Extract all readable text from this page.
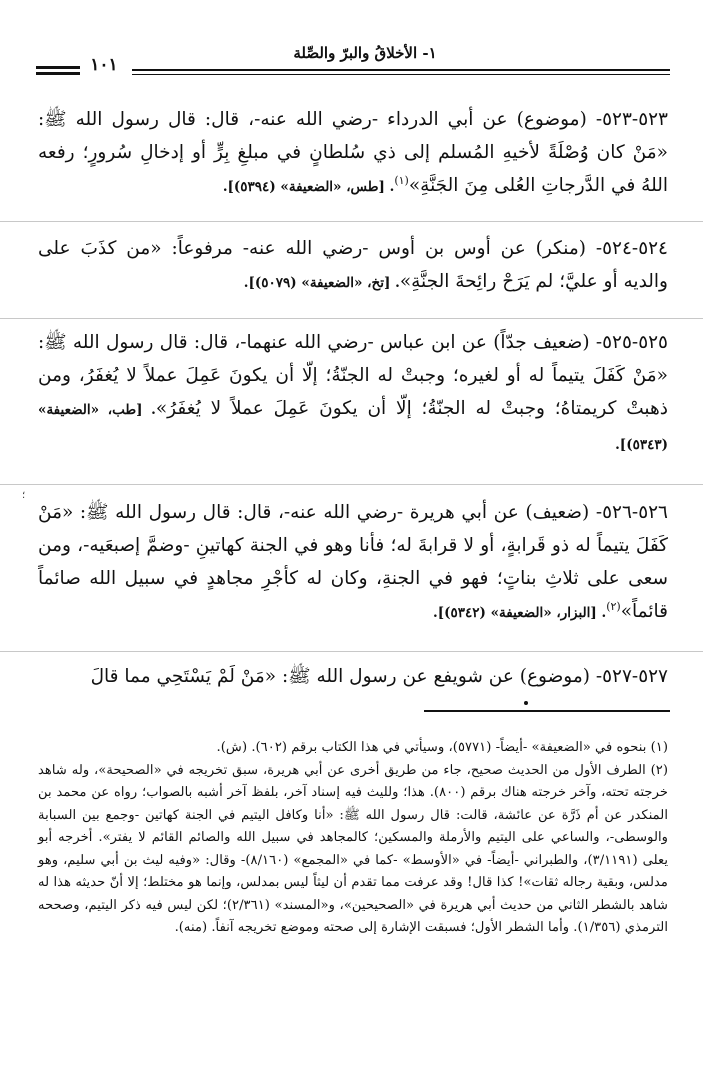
١- الأخلاقُ والبرّ والصِّلة
١٠١
٥٢٣-٥٢٣- (موضوع) عن أبي الدرداء -رضي الله عنه-، قال: قال رسول الله ﷺ: «مَنْ كان وُصْلَةً لأخيهِ المُسلم إلى ذي سُلطانٍ في مبلغِ بِرٍّ أو إدخالِ سُرورٍ؛ رفعه اللهُ في الدَّرجاتِ العُلى مِنَ الجَنَّةِ»$^{(١)}$. [طس، «الضعيفة» (٥٣٩٤)].
٥٢٤-٥٢٤- (منكر) عن أوس بن أوس -رضي الله عنه- مرفوعاً: «من كذَبَ على والديه أو عليَّ؛ لم يَرَحْ رائِحةَ الجنَّةِ». [تخ، «الضعيفة» (٥٠٧٩)].
٥٢٥-٥٢٥- (ضعيف جدّاً) عن ابن عباس -رضي الله عنهما-، قال: قال رسول الله ﷺ: «مَنْ كَفَلَ يتيماً له أو لغيره؛ وجبتْ له الجنّةُ؛ إلّا أن يكونَ عَمِلَ عملاً لا يُغفَرُ، ومن ذهبتْ كريمتاهُ؛ وجبتْ له الجنّةُ؛ إلّا أن يكونَ عَمِلَ عملاً لا يُغفَرُ». [طب، «الضعيفة» (٥٣٤٣)].
؛
٥٢٦-٥٢٦- (ضعيف) عن أبي هريرة -رضي الله عنه-، قال: قال رسول الله ﷺ: «مَنْ كَفَلَ يتيماً له ذو قَرابةٍ، أو لا قرابةَ له؛ فأنا وهو في الجنة كهاتينِ -وضمَّ إصبعَيه-، ومن سعى على ثلاثِ بناتٍ؛ فهو في الجنةِ، وكان له كأجْرِ مجاهدٍ في سبيل الله صائماً قائماً»$^{(٢)}$. [البزار، «الضعيفة» (٥٣٤٢)].
٥٢٧-٥٢٧- (موضوع) عن شويفع عن رسول الله ﷺ: «مَنْ لَمْ يَسْتَحِي مما قالَ

(١) بنحوه في «الضعيفة» -أيضاً- (٥٧٧١)، وسيأتي في هذا الكتاب برقم (٦٠٢). (ش).

(٢) الطرف الأول من الحديث صحيح، جاء من طريق أخرى عن أبي هريرة، سبق تخريجه في «الصحيحة»، وله شاهد خرجته تحته، وآخر خرجته هناك برقم (٨٠٠). هذا؛ ولليث فيه إسناد آخر، بلفظ آخر أشبه بالصواب؛ رواه عن محمد بن المنكدر عن أم ذَرَّة عن عائشة، قالت: قال رسول الله ﷺ: «أنا وكافل اليتيم في الجنة كهاتين -وجمع بين السبابة والوسطى-، والساعي على اليتيم والأرملة والمسكين؛ كالمجاهد في سبيل الله والصائم القائم لا يفتر». أخرجه أبو يعلى (٣/١١٩١)، والطبراني -أيضاً- في «الأوسط» -كما في «المجمع» (٨/١٦٠)- وقال: «وفيه ليث بن أبي سليم، وهو مدلس، وبقية رجاله ثقات»! كذا قال! وقد عرفت مما تقدم أن ليثاً ليس بمدلس، وإنما هو مختلط؛ إلا أنّ حديثه هذا له شاهد بالشطر الثاني من حديث أبي هريرة في «الصحيحين»، و«المسند» (٢/٣٦١)؛ لكن ليس فيه ذكر اليتيم، وصححه الترمذي (١/٣٥٦). وأما الشطر الأول؛ فسبقت الإشارة إلى صحته وموضع تخريجه آنفاً. (منه).
